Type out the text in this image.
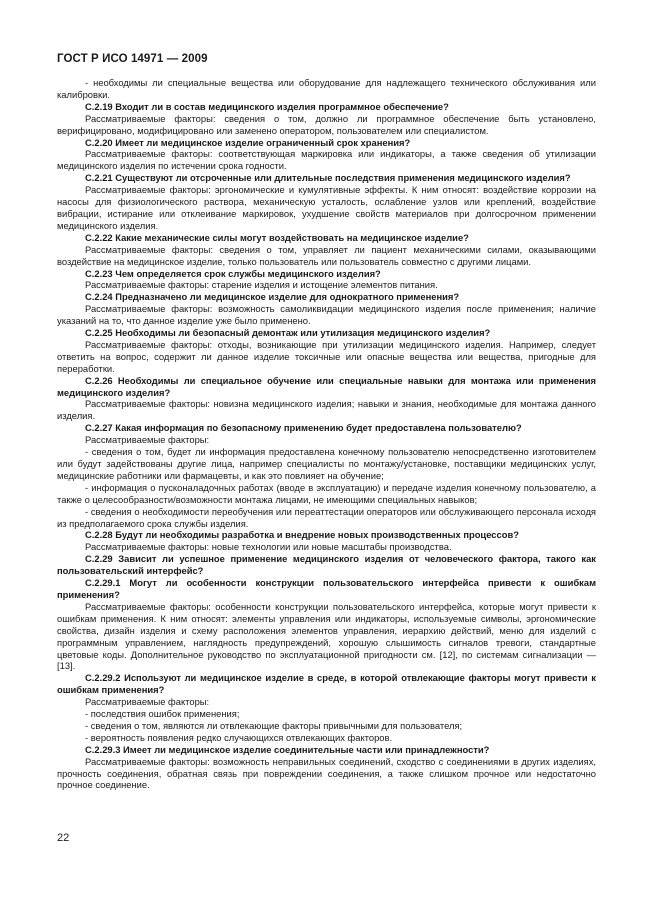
ГОСТ Р ИСО 14971 — 2009

- необходимы ли специальные вещества или оборудование для надлежащего технического обслуживания или калибровки.

С.2.19 Входит ли в состав медицинского изделия программное обеспечение?

Рассматриваемые факторы: сведения о том, должно ли программное обеспечение быть установлено, верифицировано, модифицировано или заменено оператором, пользователем или специалистом.

С.2.20 Имеет ли медицинское изделие ограниченный срок хранения?

Рассматриваемые факторы: соответствующая маркировка или индикаторы, а также сведения об утилизации медицинского изделия по истечении срока годности.

С.2.21 Существуют ли отсроченные или длительные последствия применения медицинского изделия?

Рассматриваемые факторы: эргономические и кумулятивные эффекты. К ним относят: воздействие коррозии на насосы для физиологического раствора, механическую усталость, ослабление узлов или креплений, воздействие вибрации, истирание или отклеивание маркировок, ухудшение свойств материалов при долгосрочном применении медицинского изделия.

С.2.22 Какие механические силы могут воздействовать на медицинское изделие?

Рассматриваемые факторы: сведения о том, управляет ли пациент механическими силами, оказывающими воздействие на медицинское изделие, только пользователь или пользователь совместно с другими лицами.

С.2.23 Чем определяется срок службы медицинского изделия?

Рассматриваемые факторы: старение изделия и истощение элементов питания.

С.2.24 Предназначено ли медицинское изделие для однократного применения?

Рассматриваемые факторы: возможность самоликвидации медицинского изделия после применения; наличие указаний на то, что данное изделие уже было применено.

С.2.25 Необходимы ли безопасный демонтаж или утилизация медицинского изделия?

Рассматриваемые факторы: отходы, возникающие при утилизации медицинского изделия. Например, следует ответить на вопрос, содержит ли данное изделие токсичные или опасные вещества или вещества, пригодные для переработки.

С.2.26 Необходимы ли специальное обучение или специальные навыки для монтажа или применения медицинского изделия?

Рассматриваемые факторы: новизна медицинского изделия; навыки и знания, необходимые для монтажа данного изделия.

С.2.27 Какая информация по безопасному применению будет предоставлена пользователю?

Рассматриваемые факторы:

- сведения о том, будет ли информация предоставлена конечному пользователю непосредственно изготовителем или будут задействованы другие лица, например специалисты по монтажу/установке, поставщики медицинских услуг, медицинские работники или фармацевты, и как это повлияет на обучение;

- информация о пусконаладочных работах (вводе в эксплуатацию) и передаче изделия конечному пользователю, а также о целесообразности/возможности монтажа лицами, не имеющими специальных навыков;

- сведения о необходимости переобучения или переаттестации операторов или обслуживающего персонала исходя из предполагаемого срока службы изделия.

С.2.28 Будут ли необходимы разработка и внедрение новых производственных процессов?

Рассматриваемые факторы: новые технологии или новые масштабы производства.

С.2.29 Зависит ли успешное применение медицинского изделия от человеческого фактора, такого как пользовательский интерфейс?

С.2.29.1 Могут ли особенности конструкции пользовательского интерфейса привести к ошибкам применения?

Рассматриваемые факторы: особенности конструкции пользовательского интерфейса, которые могут привести к ошибкам применения. К ним относят: элементы управления или индикаторы, используемые символы, эргономические свойства, дизайн изделия и схему расположения элементов управления, иерархию действий, меню для изделий с программным управлением, наглядность предупреждений, хорошую слышимость сигналов тревоги, стандартные цветовые коды. Дополнительное руководство по эксплуатационной пригодности см. [12], по системам сигнализации — [13].

С.2.29.2 Используют ли медицинское изделие в среде, в которой отвлекающие факторы могут привести к ошибкам применения?

Рассматриваемые факторы:

- последствия ошибок применения;

- сведения о том, являются ли отвлекающие факторы привычными для пользователя;

- вероятность появления редко случающихся отвлекающих факторов.

С.2.29.3 Имеет ли медицинское изделие соединительные части или принадлежности?

Рассматриваемые факторы: возможность неправильных соединений, сходство с соединениями в других изделиях, прочность соединения, обратная связь при повреждении соединения, а также слишком прочное или недостаточно прочное соединение.

22
